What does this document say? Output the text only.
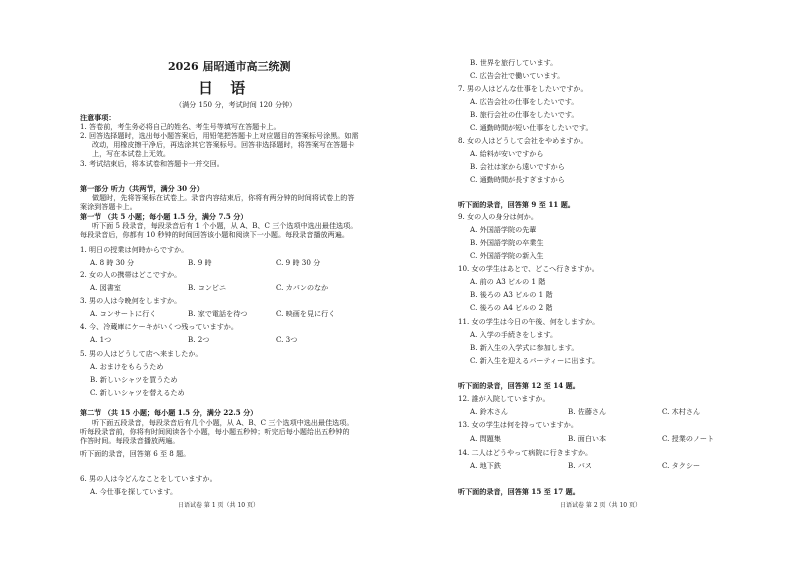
2026 届昭通市高三统测
日 语
（满分 150 分，考试时间 120 分钟）
注意事项：
1. 答卷前，考生务必将自己的姓名、考生号等填写在答题卡上。
2. 回答选择题时，选出每小题答案后，用铅笔把答题卡上对应题目的答案标号涂黑。如需
改动，用橡皮擦干净后，再选涂其它答案标号。回答非选择题时，将答案写在答题卡
上，写在本试卷上无效。
3. 考试结束后，将本试卷和答题卡一并交回。
第一部分 听力（共两节，满分 30 分）
做题时，先将答案标在试卷上。录音内容结束后，你将有两分钟的时间将试卷上的答
案涂到答题卡上。
第一节 （共 5 小题；每小题 1.5 分，满分 7.5 分）
听下面 5 段录音，每段录音后有 1 个小题，从 A、B、C 三个选项中选出最佳选项。
每段录音后，你都有 10 秒钟的时间回答该小题和阅读下一小题。每段录音播放两遍。
1. 明日の授業は何時からですか。
A. 8 時 30 分	B. 9 時	C. 9 時 30 分
2. 女の人の携帯はどこですか。
A. 図書室	B. コンビニ	C. カバンのなか
3. 男の人は今晩何をしますか。
A. コンサートに行く	B. 家で電話を待つ	C. 映画を見に行く
4. 今、冷蔵庫にケーキがいくつ残っていますか。
A. 1つ	B. 2つ	C. 3つ
5. 男の人はどうして店へ来ましたか。
A. おまけをもらうため
B. 新しいシャツを買うため
C. 新しいシャツを替えるため
第二节 （共 15 小题；每小题 1.5 分，满分 22.5 分）
听下面五段录音，每段录音后有几个小题，从 A、B、C 三个选项中选出最佳选项。
听每段录音前，你将有时间阅读各个小题，每小题五秒钟；听完后每小题给出五秒钟的
作答时间。每段录音播放两遍。
听下面的录音，回答第 6 至 8 题。
6. 男の人は今どんなことをしていますか。
A. 今仕事を探しています。
日语试卷 第 1 页（共 10 页）
B. 世界を旅行しています。
C. 広告会社で働いています。
7. 男の人はどんな仕事をしたいですか。
A. 広告会社の仕事をしたいです。
B. 旅行会社の仕事をしたいです。
C. 通勤時間が短い仕事をしたいです。
8. 女の人はどうして会社をやめますか。
A. 給料が安いですから
B. 会社は家から遠いですから
C. 通勤時間が長すぎますから
听下面的录音，回答第 9 至 11 题。
9. 女の人の身分は何か。
A. 外国語学院の先輩
B. 外国語学院の卒業生
C. 外国語学院の新入生
10. 女の学生はあとで、どこへ行きますか。
A. 前の A3 ビルの 1 階
B. 後ろの A3 ビルの 1 階
C. 後ろの A4 ビルの 2 階
11. 女の学生は今日の午後、何をしますか。
A. 入学の手続きをします。
B. 新入生の入学式に参加します。
C. 新入生を迎えるパーティーに出ます。
听下面的录音，回答第 12 至 14 题。
12. 誰が入院していますか。
A. 鈴木さん	B. 佐藤さん	C. 木村さん
13. 女の学生は何を持っていますか。
A. 問題集	B. 面白い本	C. 授業のノート
14. 二人はどうやって病院に行きますか。
A. 地下鉄	B. バス	C. タクシー
听下面的录音，回答第 15 至 17 题。
日语试卷 第 2 页（共 10 页）
